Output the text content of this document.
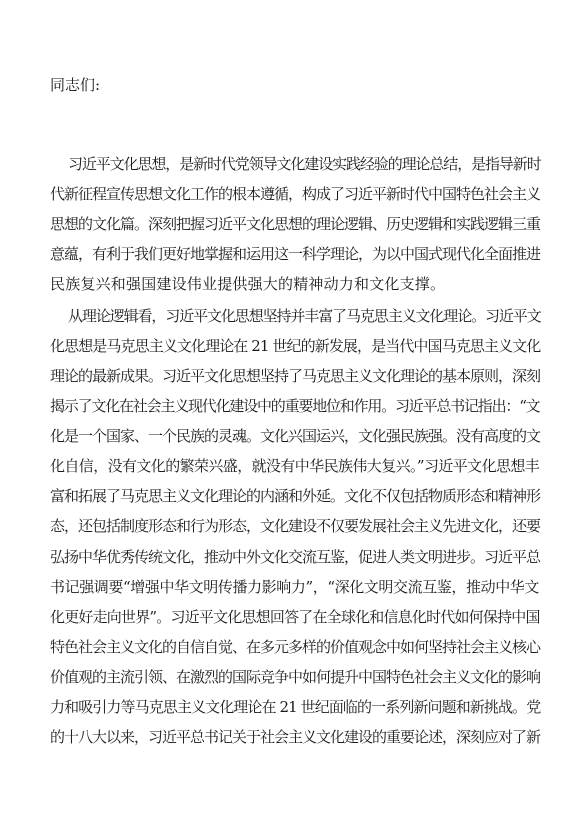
同志们:
习近平文化思想，是新时代党领导文化建设实践经验的理论总结，是指导新时
代新征程宣传思想文化工作的根本遵循，构成了习近平新时代中国特色社会主义
思想的文化篇。深刻把握习近平文化思想的理论逻辑、历史逻辑和实践逻辑三重
意蕴，有利于我们更好地掌握和运用这一科学理论，为以中国式现代化全面推进
民族复兴和强国建设伟业提供强大的精神动力和文化支撑。
从理论逻辑看，习近平文化思想坚持并丰富了马克思主义文化理论。习近平文
化思想是马克思主义文化理论在 21 世纪的新发展，是当代中国马克思主义文化
理论的最新成果。习近平文化思想坚持了马克思主义文化理论的基本原则，深刻
揭示了文化在社会主义现代化建设中的重要地位和作用。习近平总书记指出：“文
化是一个国家、一个民族的灵魂。文化兴国运兴，文化强民族强。没有高度的文
化自信，没有文化的繁荣兴盛，就没有中华民族伟大复兴。”习近平文化思想丰
富和拓展了马克思主义文化理论的内涵和外延。文化不仅包括物质形态和精神形
态，还包括制度形态和行为形态，文化建设不仅要发展社会主义先进文化，还要
弘扬中华优秀传统文化，推动中外文化交流互鉴，促进人类文明进步。习近平总
书记强调要“增强中华文明传播力影响力”，“深化文明交流互鉴，推动中华文
化更好走向世界”。习近平文化思想回答了在全球化和信息化时代如何保持中国
特色社会主义文化的自信自觉、在多元多样的价值观念中如何坚持社会主义核心
价值观的主流引领、在激烈的国际竞争中如何提升中国特色社会主义文化的影响
力和吸引力等马克思主义文化理论在 21 世纪面临的一系列新问题和新挑战。党
的十八大以来，习近平总书记关于社会主义文化建设的重要论述，深刻应对了新
